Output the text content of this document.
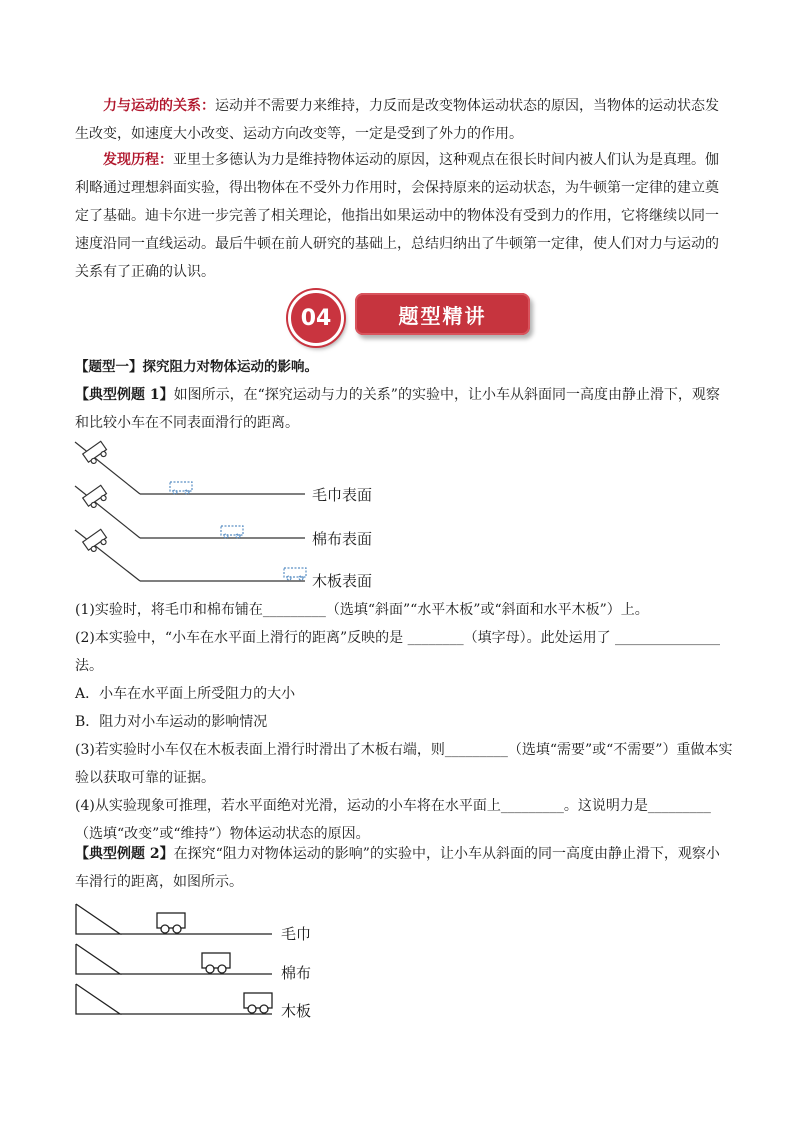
力与运动的关系：运动并不需要力来维持，力反而是改变物体运动状态的原因，当物体的运动状态发
生改变，如速度大小改变、运动方向改变等，一定是受到了外力的作用。
发现历程：亚里士多德认为力是维持物体运动的原因，这种观点在很长时间内被人们认为是真理。伽
利略通过理想斜面实验，得出物体在不受外力作用时，会保持原来的运动状态，为牛顿第一定律的建立奠
定了基础。迪卡尔进一步完善了相关理论，他指出如果运动中的物体没有受到力的作用，它将继续以同一
速度沿同一直线运动。最后牛顿在前人研究的基础上，总结归纳出了牛顿第一定律，使人们对力与运动的
关系有了正确的认识。
04	题型精讲
【题型一】探究阻力对物体运动的影响。
【典型例题 1】如图所示，在“探究运动与力的关系”的实验中，让小车从斜面同一高度由静止滑下，观察
和比较小车在不同表面滑行的距离。
毛巾表面
棉布表面
木板表面
(1)实验时，将毛巾和棉布铺在_________（选填“斜面”“水平木板”或“斜面和水平木板”）上。
(2)本实验中，“小车在水平面上滑行的距离”反映的是 ________（填字母）。此处运用了 _______________
法。
A．小车在水平面上所受阻力的大小
B．阻力对小车运动的影响情况
(3)若实验时小车仅在木板表面上滑行时滑出了木板右端，则_________（选填“需要”或“不需要”）重做本实
验以获取可靠的证据。
(4)从实验现象可推理，若水平面绝对光滑，运动的小车将在水平面上_________。这说明力是_________
（选填“改变”或“维持”）物体运动状态的原因。
【典型例题 2】在探究“阻力对物体运动的影响”的实验中，让小车从斜面的同一高度由静止滑下，观察小
车滑行的距离，如图所示。
毛巾
棉布
木板
